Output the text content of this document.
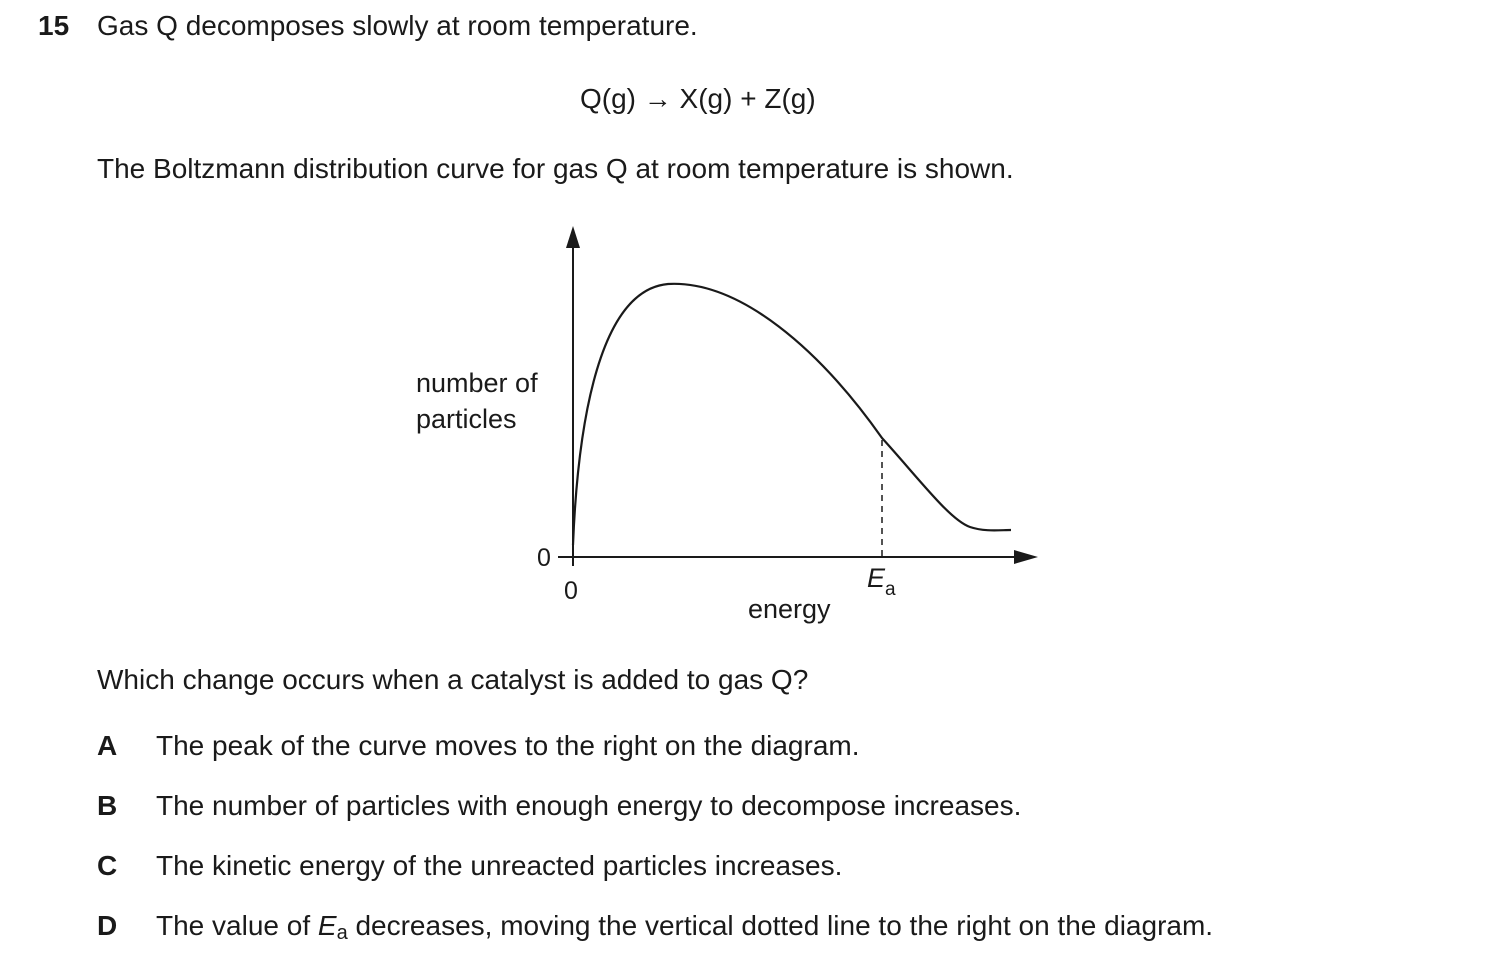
15 Gas Q decomposes slowly at room temperature.
Q(g) → X(g) + Z(g)
The Boltzmann distribution curve for gas Q at room temperature is shown.
number of
particles
0
0
energy
$E_a$
Which change occurs when a catalyst is added to gas Q?
A The peak of the curve moves to the right on the diagram.
B The number of particles with enough energy to decompose increases.
C The kinetic energy of the unreacted particles increases.
D The value of $E_a$ decreases, moving the vertical dotted line to the right on the diagram.
